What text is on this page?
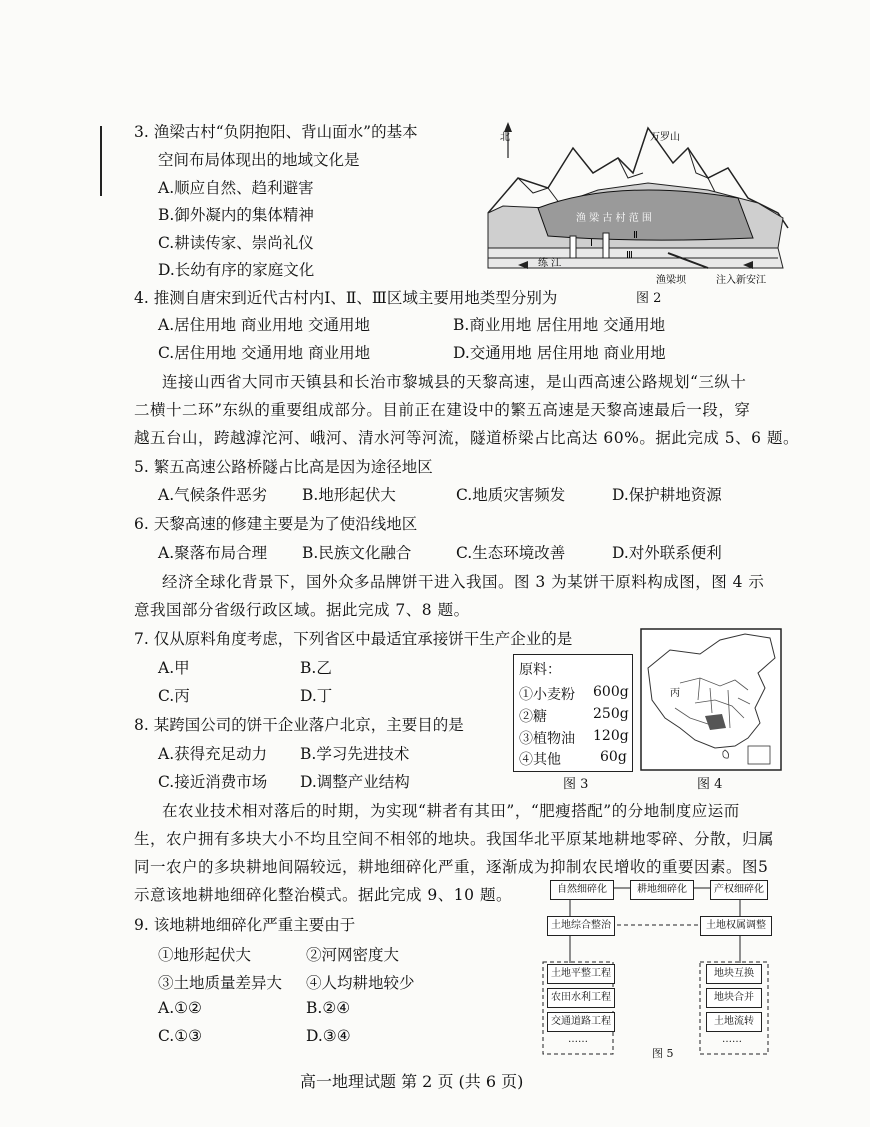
3. 渔梁古村“负阴抱阳、背山面水”的基本
空间布局体现出的地域文化是
A.顺应自然、趋利避害
B.御外凝内的集体精神
C.耕读传家、崇尚礼仪
D.长幼有序的家庭文化
北	万罗山
渔 梁 古 村 范 围
练 江
渔梁坝	注入新安江
Ⅱ
Ⅲ
Ⅰ
图 2
4. 推测自唐宋到近代古村内Ⅰ、Ⅱ、Ⅲ区域主要用地类型分别为
A.居住用地 商业用地 交通用地	B.商业用地 居住用地 交通用地
C.居住用地 交通用地 商业用地	D.交通用地 居住用地 商业用地
连接山西省大同市天镇县和长治市黎城县的天黎高速，是山西高速公路规划“三纵十
二横十二环”东纵的重要组成部分。目前正在建设中的繁五高速是天黎高速最后一段，穿
越五台山，跨越滹沱河、峨河、清水河等河流，隧道桥梁占比高达 60%。据此完成 5、6 题。
5. 繁五高速公路桥隧占比高是因为途径地区
A.气候条件恶劣 B.地形起伏大	C.地质灾害频发	D.保护耕地资源
6. 天黎高速的修建主要是为了使沿线地区
A.聚落布局合理 B.民族文化融合	C.生态环境改善	D.对外联系便利
经济全球化背景下，国外众多品牌饼干进入我国。图 3 为某饼干原料构成图，图 4 示
意我国部分省级行政区域。据此完成 7、8 题。
7. 仅从原料角度考虑，下列省区中最适宜承接饼干生产企业的是
A.甲	B.乙
C.丙	D.丁
原料：
①小麦粉 600g
②糖	250g
③植物油 120g
④其他	60g
图 3
丙
图 4
8. 某跨国公司的饼干企业落户北京，主要目的是
A.获得充足动力 B.学习先进技术
C.接近消费市场 D.调整产业结构
在农业技术相对落后的时期，为实现“耕者有其田”，“肥瘦搭配”的分地制度应运而
生，农户拥有多块大小不均且空间不相邻的地块。我国华北平原某地耕地零碎、分散，归属
同一农户的多块耕地间隔较远，耕地细碎化严重，逐渐成为抑制农民增收的重要因素。图5
示意该地耕地细碎化整治模式。据此完成 9、10 题。	自然细碎化	耕地细碎化	产权细碎化
土地综合整治	土地权属调整
土地平整工程
农田水利工程
交通道路工程
……
地块互换
地块合并
土地流转
……
图 5
9. 该地耕地细碎化严重主要由于
①地形起伏大	②河网密度大
③土地质量差异大 ④人均耕地较少
A.①②	B.②④
C.①③	D.③④
高一地理试题 第 2 页 (共 6 页)
